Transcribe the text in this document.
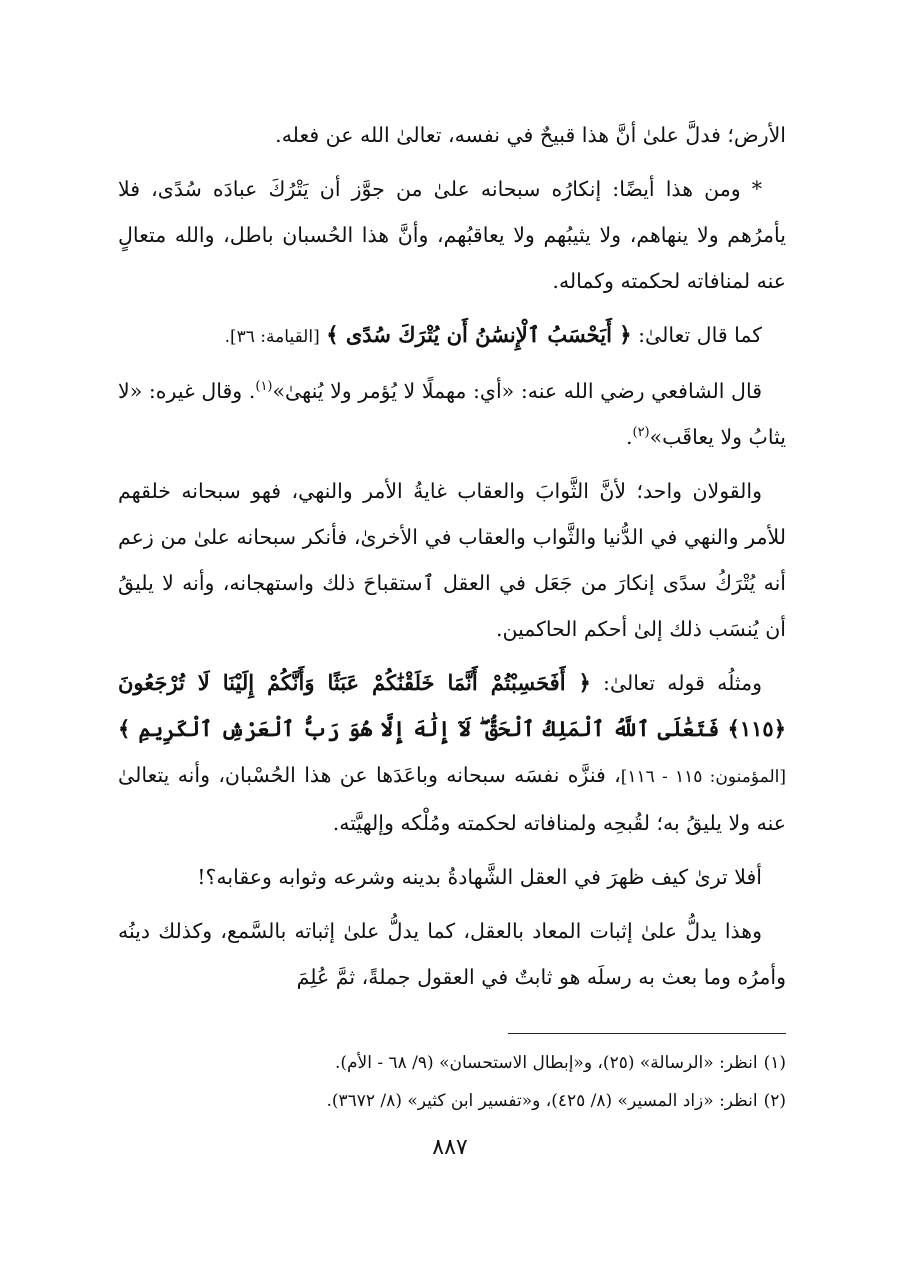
الأرض؛ فدلَّ علىٰ أنَّ هذا قبيحٌ في نفسه، تعالىٰ الله عن فعله.

* ومن هذا أيضًا: إنكارُه سبحانه علىٰ من جوَّز أن يَتْرُكَ عبادَه سُدًى، فلا يأمرُهم ولا ينهاهم، ولا يثيبُهم ولا يعاقبُهم، وأنَّ هذا الحُسبان باطل، والله متعالٍ عنه لمنافاته لحكمته وكماله.

كما قال تعالىٰ: ﴿ أَيَحْسَبُ ٱلْإِنسَٰنُ أَن يُتْرَكَ سُدًى ﴾ [القيامة: ٣٦].

قال الشافعي رضي الله عنه: «أي: مهملًا لا يُؤمر ولا يُنهىٰ»$^{(١)}$. وقال غيره: «لا يثابُ ولا يعاقَب»$^{(٢)}$.

والقولان واحد؛ لأنَّ الثَّوابَ والعقاب غايةُ الأمر والنهي، فهو سبحانه خلقهم للأمر والنهي في الدُّنيا والثَّواب والعقاب في الأخرىٰ، فأنكر سبحانه علىٰ من زعم أنه يُتْرَكُ سدًى إنكارَ من جَعَل في العقل ٱستقباحَ ذلك واستهجانه، وأنه لا يليقُ أن يُنسَب ذلك إلىٰ أحكم الحاكمين.

ومثلُه قوله تعالىٰ: ﴿ أَفَحَسِبْتُمْ أَنَّمَا خَلَقْنَٰكُمْ عَبَثًا وَأَنَّكُمْ إِلَيْنَا لَا تُرْجَعُونَ ﴿١١٥﴾ فَتَعَٰلَى ٱللَّهُ ٱلْمَلِكُ ٱلْحَقُّ ۖ لَآ إِلَٰهَ إِلَّا هُوَ رَبُّ ٱلْعَرْشِ ٱلْكَرِيمِ ﴾ [المؤمنون: ١١٥ - ١١٦]، فنزَّه نفسَه سبحانه وباعَدَها عن هذا الحُسْبان، وأنه يتعالىٰ عنه ولا يليقُ به؛ لقُبحِه ولمنافاته لحكمته ومُلْكه وإلهيَّته.

أفلا ترىٰ كيف ظهرَ في العقل الشَّهادةُ بدينه وشرعه وثوابه وعقابه؟!

وهذا يدلُّ علىٰ إثبات المعاد بالعقل، كما يدلُّ علىٰ إثباته بالسَّمع، وكذلك دينُه وأمرُه وما بعث به رسلَه هو ثابتٌ في العقول جملةً، ثمَّ عُلِمَ

(١)انظر: «الرسالة» (٢٥)، و«إبطال الاستحسان» (٩/ ٦٨ - الأم).

(٢)انظر: «زاد المسير» (٨/ ٤٢٥)، و«تفسير ابن كثير» (٨/ ٣٦٧٢).

٨٨٧
